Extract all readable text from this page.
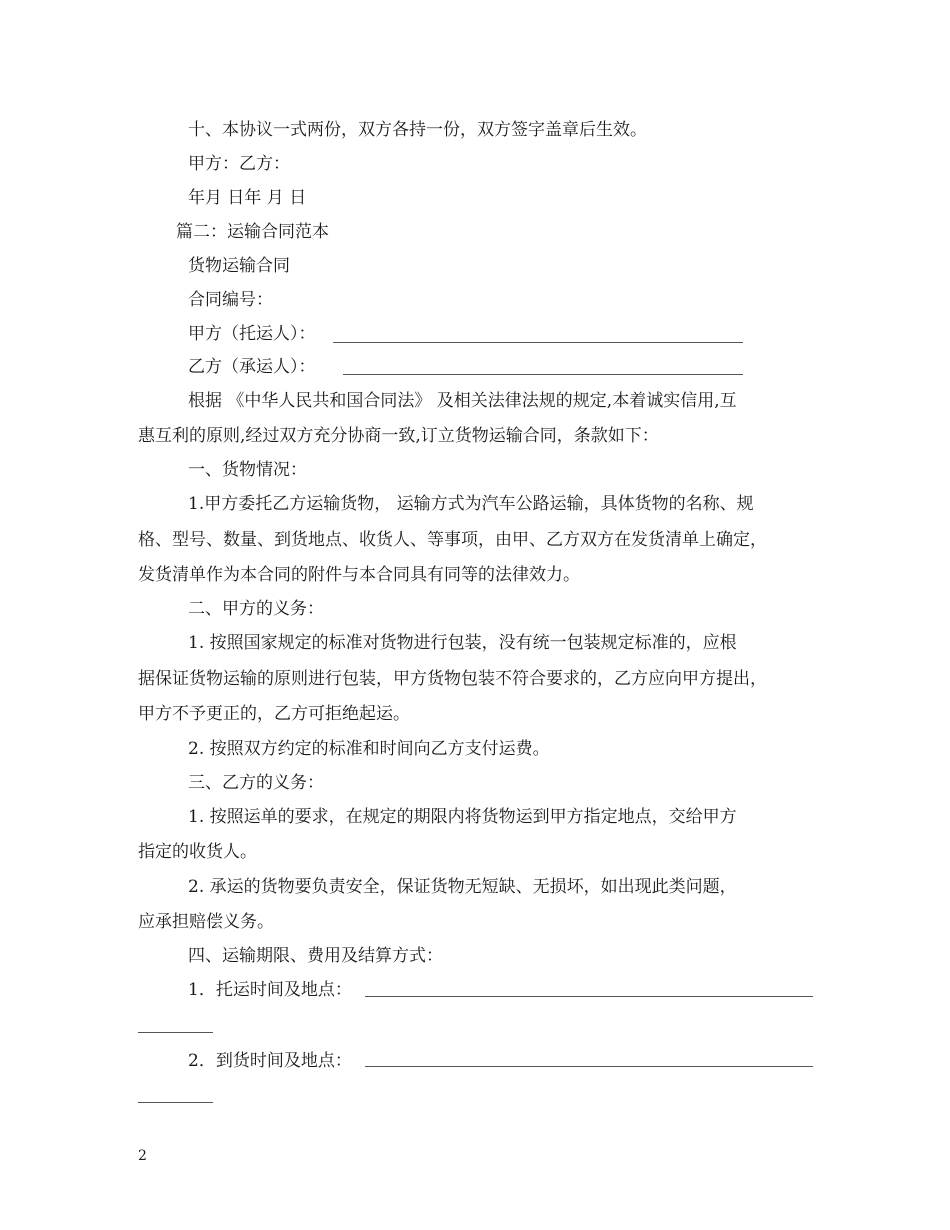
十、本协议一式两份，双方各持一份，双方签字盖章后生效。
甲方：乙方：
年月 日年 月 日
篇二：运输合同范本
货物运输合同
合同编号：
甲方（托运人）：
乙方（承运人）：
根据 《中华人民共和国合同法》 及相关法律法规的规定,本着诚实信用,互
惠互利的原则,经过双方充分协商一致,订立货物运输合同，条款如下：
一、货物情况：
1.甲方委托乙方运输货物， 运输方式为汽车公路运输，具体货物的名称、规
格、型号、数量、到货地点、收货人、等事项，由甲、乙方双方在发货清单上确定，
发货清单作为本合同的附件与本合同具有同等的法律效力。
二、甲方的义务：
1. 按照国家规定的标准对货物进行包装，没有统一包装规定标准的，应根
据保证货物运输的原则进行包装，甲方货物包装不符合要求的，乙方应向甲方提出，
甲方不予更正的，乙方可拒绝起运。
2. 按照双方约定的标准和时间向乙方支付运费。
三、乙方的义务：
1. 按照运单的要求，在规定的期限内将货物运到甲方指定地点，交给甲方
指定的收货人。
2. 承运的货物要负责安全，保证货物无短缺、无损坏，如出现此类问题，
应承担赔偿义务。
四、运输期限、费用及结算方式：
1．托运时间及地点：
2．到货时间及地点：
2
